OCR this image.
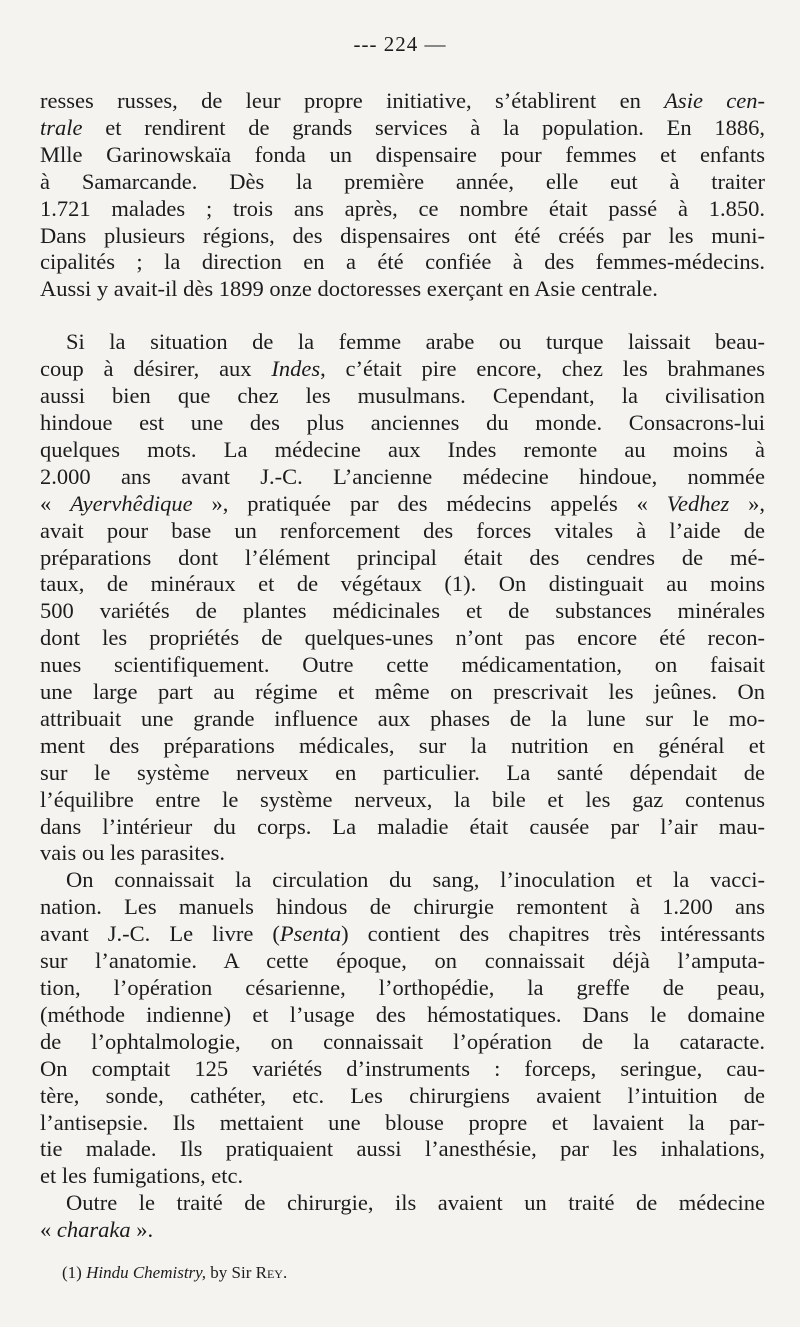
--- 224 —

resses russes, de leur propre initiative, s’établirent en Asie cen-
trale et rendirent de grands services à la population. En 1886,
Mlle Garinowskaïa fonda un dispensaire pour femmes et enfants
à Samarcande. Dès la première année, elle eut à traiter
1.721 malades ; trois ans après, ce nombre était passé à 1.850.
Dans plusieurs régions, des dispensaires ont été créés par les muni-
cipalités ; la direction en a été confiée à des femmes-médecins.
Aussi y avait-il dès 1899 onze doctoresses exerçant en Asie centrale.

Si la situation de la femme arabe ou turque laissait beau-
coup à désirer, aux Indes, c’était pire encore, chez les brahmanes
aussi bien que chez les musulmans. Cependant, la civilisation
hindoue est une des plus anciennes du monde. Consacrons-lui
quelques mots. La médecine aux Indes remonte au moins à
2.000 ans avant J.-C. L’ancienne médecine hindoue, nommée
« Ayervhêdique », pratiquée par des médecins appelés « Vedhez »,
avait pour base un renforcement des forces vitales à l’aide de
préparations dont l’élément principal était des cendres de mé-
taux, de minéraux et de végétaux (1). On distinguait au moins
500 variétés de plantes médicinales et de substances minérales
dont les propriétés de quelques-unes n’ont pas encore été recon-
nues scientifiquement. Outre cette médicamentation, on faisait
une large part au régime et même on prescrivait les jeûnes. On
attribuait une grande influence aux phases de la lune sur le mo-
ment des préparations médicales, sur la nutrition en général et
sur le système nerveux en particulier. La santé dépendait de
l’équilibre entre le système nerveux, la bile et les gaz contenus
dans l’intérieur du corps. La maladie était causée par l’air mau-
vais ou les parasites.

On connaissait la circulation du sang, l’inoculation et la vacci-
nation. Les manuels hindous de chirurgie remontent à 1.200 ans
avant J.-C. Le livre (Psenta) contient des chapitres très intéressants
sur l’anatomie. A cette époque, on connaissait déjà l’amputa-
tion, l’opération césarienne, l’orthopédie, la greffe de peau,
(méthode indienne) et l’usage des hémostatiques. Dans le domaine
de l’ophtalmologie, on connaissait l’opération de la cataracte.
On comptait 125 variétés d’instruments : forceps, seringue, cau-
tère, sonde, cathéter, etc. Les chirurgiens avaient l’intuition de
l’antisepsie. Ils mettaient une blouse propre et lavaient la par-
tie malade. Ils pratiquaient aussi l’anesthésie, par les inhalations,
et les fumigations, etc.

Outre le traité de chirurgie, ils avaient un traité de médecine
« charaka ».

(1) Hindu Chemistry, by Sir Rey.
